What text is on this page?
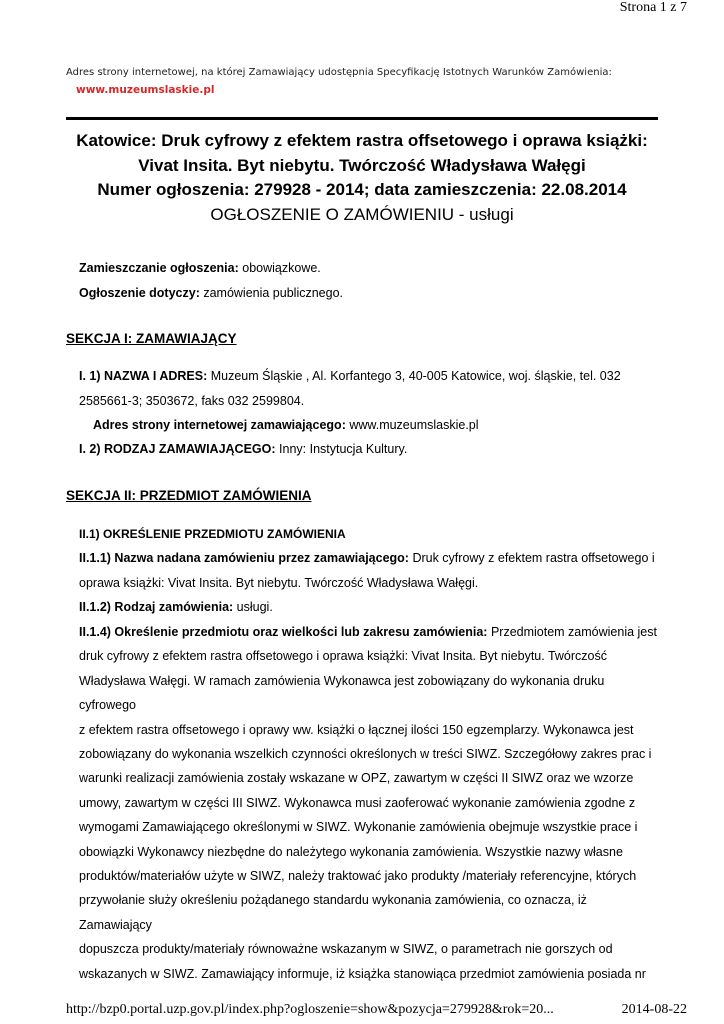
Strona 1 z 7
Adres strony internetowej, na której Zamawiający udostępnia Specyfikację Istotnych Warunków Zamówienia:
www.muzeumslaskie.pl
Katowice: Druk cyfrowy z efektem rastra offsetowego i oprawa książki:
Vivat Insita. Byt niebytu. Twórczość Władysława Wałęgi
Numer ogłoszenia: 279928 - 2014; data zamieszczenia: 22.08.2014
OGŁOSZENIE O ZAMÓWIENIU - usługi
Zamieszczanie ogłoszenia: obowiązkowe.
Ogłoszenie dotyczy: zamówienia publicznego.
SEKCJA I: ZAMAWIAJĄCY
I. 1) NAZWA I ADRES: Muzeum Śląskie , Al. Korfantego 3, 40-005 Katowice, woj. śląskie, tel. 032
2585661-3; 3503672, faks 032 2599804.
Adres strony internetowej zamawiającego: www.muzeumslaskie.pl
I. 2) RODZAJ ZAMAWIAJĄCEGO: Inny: Instytucja Kultury.
SEKCJA II: PRZEDMIOT ZAMÓWIENIA
II.1) OKREŚLENIE PRZEDMIOTU ZAMÓWIENIA
II.1.1) Nazwa nadana zamówieniu przez zamawiającego: Druk cyfrowy z efektem rastra offsetowego i
oprawa książki: Vivat Insita. Byt niebytu. Twórczość Władysława Wałęgi.
II.1.2) Rodzaj zamówienia: usługi.
II.1.4) Określenie przedmiotu oraz wielkości lub zakresu zamówienia: Przedmiotem zamówienia jest
druk cyfrowy z efektem rastra offsetowego i oprawa książki: Vivat Insita. Byt niebytu. Twórczość
Władysława Wałęgi. W ramach zamówienia Wykonawca jest zobowiązany do wykonania druku cyfrowego
z efektem rastra offsetowego i oprawy ww. książki o łącznej ilości 150 egzemplarzy. Wykonawca jest
zobowiązany do wykonania wszelkich czynności określonych w treści SIWZ. Szczegółowy zakres prac i
warunki realizacji zamówienia zostały wskazane w OPZ, zawartym w części II SIWZ oraz we wzorze
umowy, zawartym w części III SIWZ. Wykonawca musi zaoferować wykonanie zamówienia zgodne z
wymogami Zamawiającego określonymi w SIWZ. Wykonanie zamówienia obejmuje wszystkie prace i
obowiązki Wykonawcy niezbędne do należytego wykonania zamówienia. Wszystkie nazwy własne
produktów/materiałów użyte w SIWZ, należy traktować jako produkty /materiały referencyjne, których
przywołanie służy określeniu pożądanego standardu wykonania zamówienia, co oznacza, iż Zamawiający
dopuszcza produkty/materiały równoważne wskazanym w SIWZ, o parametrach nie gorszych od
wskazanych w SIWZ. Zamawiający informuje, iż książka stanowiąca przedmiot zamówienia posiada nr
http://bzp0.portal.uzp.gov.pl/index.php?ogloszenie=show&pozycja=279928&rok=20...	2014-08-22
